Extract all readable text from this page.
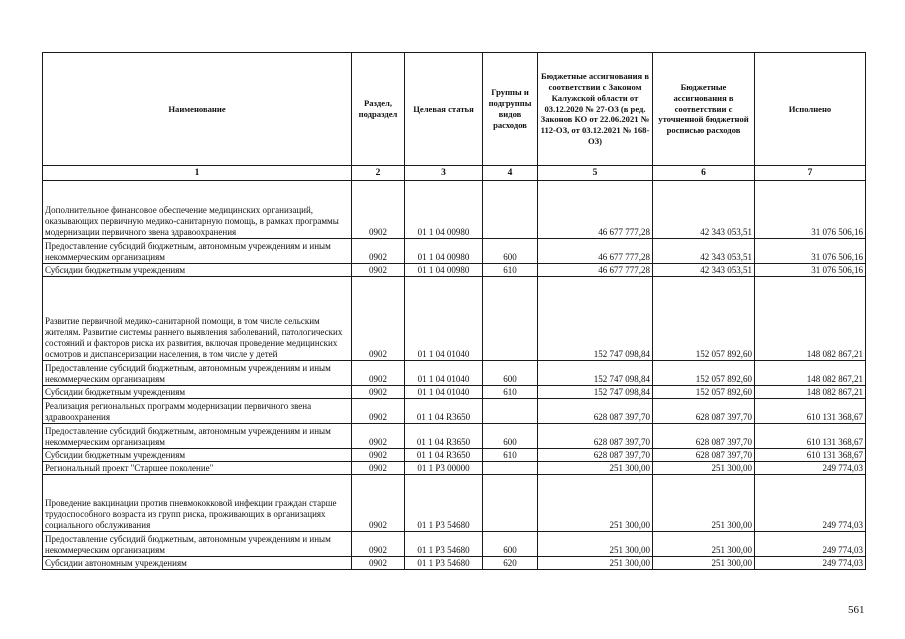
Наименование	Раздел, подраздел	Целевая статья	Группы и подгруппы видов расходов	Бюджетные ассигнования в соответствии с Законом Калужской области от 03.12.2020 № 27-ОЗ (в ред. Законов КО от 22.06.2021 № 112-ОЗ, от 03.12.2021 № 168-ОЗ)	Бюджетные ассигнования в соответствии с уточненной бюджетной росписью расходов	Исполнено
1	2	3	4	5	6	7
Дополнительное финансовое обеспечение медицинских организаций, оказывающих первичную медико-санитарную помощь, в рамках программы модернизации первичного звена здравоохранения	0902	01 1 04 00980		46 677 777,28	42 343 053,51	31 076 506,16
Предоставление субсидий бюджетным, автономным учреждениям и иным некоммерческим организациям	0902	01 1 04 00980	600	46 677 777,28	42 343 053,51	31 076 506,16
Субсидии бюджетным учреждениям	0902	01 1 04 00980	610	46 677 777,28	42 343 053,51	31 076 506,16
Развитие первичной медико-санитарной помощи, в том числе сельским жителям. Развитие системы раннего выявления заболеваний, патологических состояний и факторов риска их развития, включая проведение медицинских осмотров и диспансеризации населения, в том числе у детей	0902	01 1 04 01040		152 747 098,84	152 057 892,60	148 082 867,21
Предоставление субсидий бюджетным, автономным учреждениям и иным некоммерческим организациям	0902	01 1 04 01040	600	152 747 098,84	152 057 892,60	148 082 867,21
Субсидии бюджетным учреждениям	0902	01 1 04 01040	610	152 747 098,84	152 057 892,60	148 082 867,21
Реализация региональных программ модернизации первичного звена здравоохранения	0902	01 1 04 R3650		628 087 397,70	628 087 397,70	610 131 368,67
Предоставление субсидий бюджетным, автономным учреждениям и иным некоммерческим организациям	0902	01 1 04 R3650	600	628 087 397,70	628 087 397,70	610 131 368,67
Субсидии бюджетным учреждениям	0902	01 1 04 R3650	610	628 087 397,70	628 087 397,70	610 131 368,67
Региональный проект "Старшее поколение"	0902	01 1 P3 00000		251 300,00	251 300,00	249 774,03
Проведение вакцинации против пневмококковой инфекции граждан старше трудоспособного возраста из групп риска, проживающих в организациях социального обслуживания	0902	01 1 P3 54680		251 300,00	251 300,00	249 774,03
Предоставление субсидий бюджетным, автономным учреждениям и иным некоммерческим организациям	0902	01 1 P3 54680	600	251 300,00	251 300,00	249 774,03
Субсидии автономным учреждениям	0902	01 1 P3 54680	620	251 300,00	251 300,00	249 774,03
561
